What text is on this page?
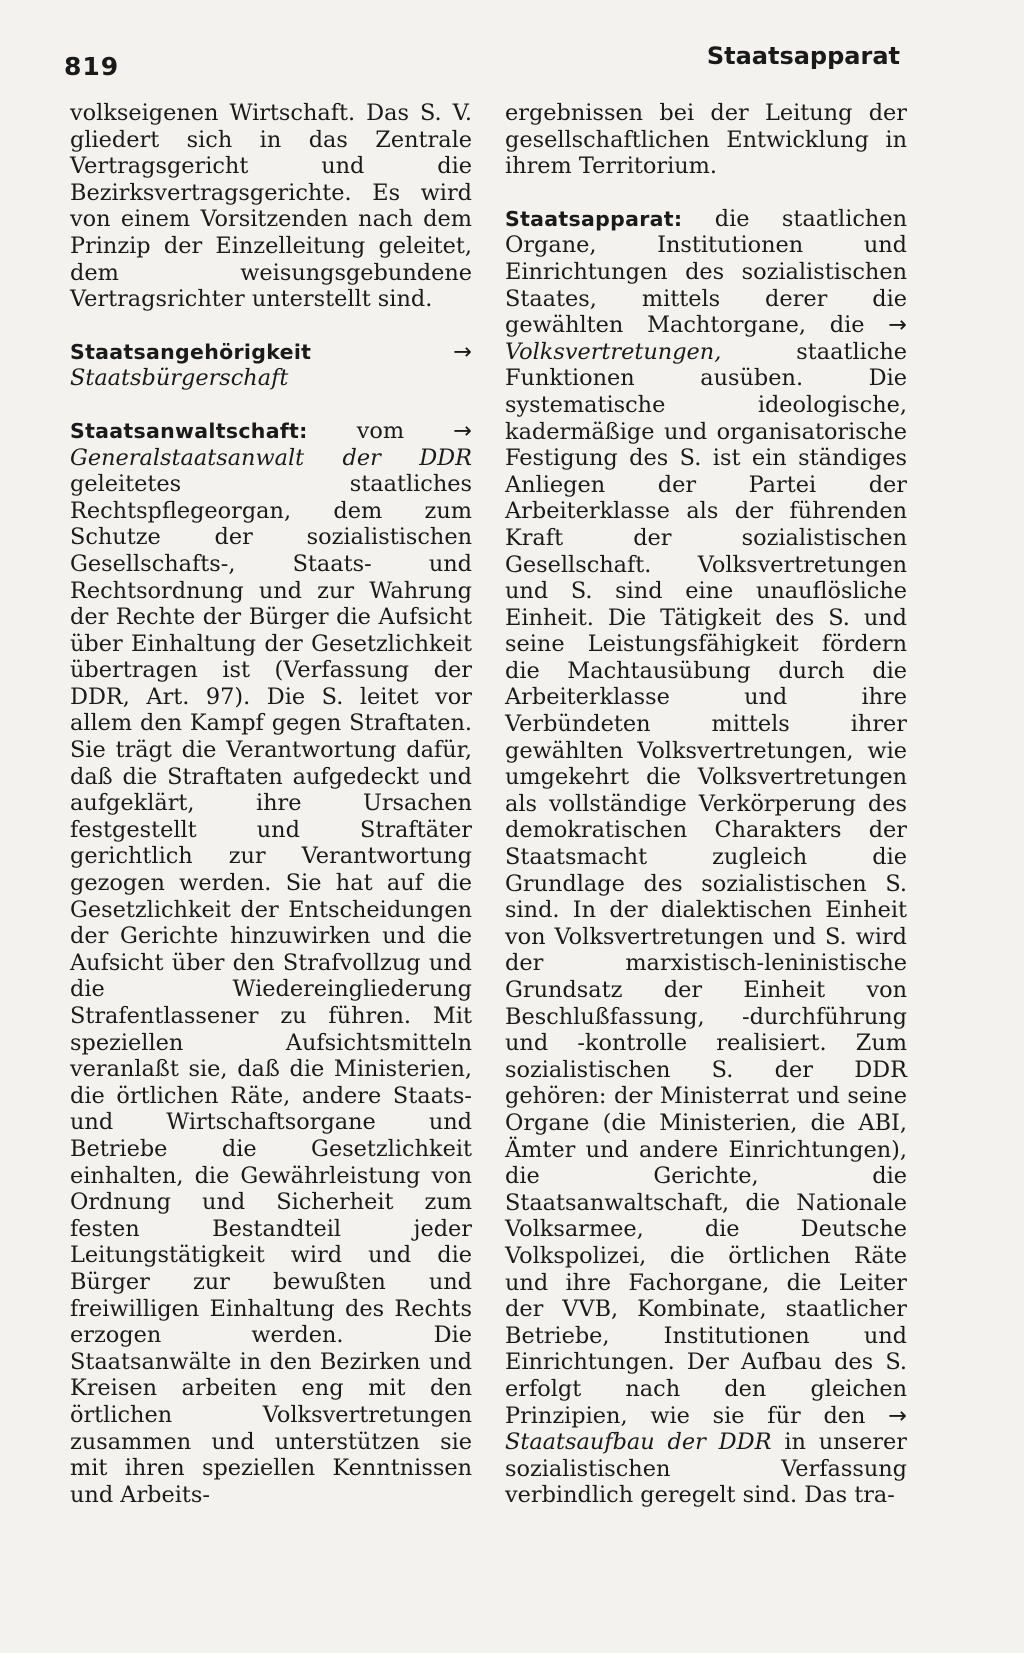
819	Staatsapparat

volkseigenen Wirtschaft. Das S. V. gliedert sich in das Zentrale Vertragsgericht und die Bezirksvertragsgerichte. Es wird von einem Vorsitzenden nach dem Prinzip der Einzelleitung geleitet, dem weisungsgebundene Vertragsrichter unterstellt sind.

Staatsangehörigkeit	→ Staatsbürgerschaft

Staatsanwaltschaft: vom → Generalstaatsanwalt der DDR geleitetes staatliches Rechtspflegeorgan, dem zum Schutze der sozialistischen Gesellschafts-, Staats- und Rechtsordnung und zur Wahrung der Rechte der Bürger die Aufsicht über Einhaltung der Gesetzlichkeit übertragen ist (Verfassung der DDR, Art. 97). Die S. leitet vor allem den Kampf gegen Straftaten. Sie trägt die Verantwortung dafür, daß die Straftaten aufgedeckt und aufgeklärt, ihre Ursachen festgestellt und Straftäter gerichtlich zur Verantwortung gezogen werden. Sie hat auf die Gesetzlichkeit der Entscheidungen der Gerichte hinzuwirken und die Aufsicht über den Strafvollzug und die Wiedereingliederung Strafentlassener zu führen. Mit speziellen Aufsichtsmitteln veranlaßt sie, daß die Ministerien, die örtlichen Räte, andere Staats- und Wirtschaftsorgane und Betriebe die Gesetzlichkeit einhalten, die Gewährleistung von Ordnung und Sicherheit zum festen Bestandteil jeder Leitungstätigkeit wird und die Bürger zur bewußten und freiwilligen Einhaltung des Rechts erzogen werden. Die Staatsanwälte in den Bezirken und Kreisen arbeiten eng mit den örtlichen Volksvertretungen zusammen und unterstützen sie mit ihren speziellen Kenntnissen und Arbeits-

ergebnissen bei der Leitung der gesellschaftlichen Entwicklung in ihrem Territorium.

Staatsapparat: die staatlichen Organe, Institutionen und Einrichtungen des sozialistischen Staates, mittels derer die gewählten Machtorgane, die → Volksvertretungen,	staatliche Funktionen ausüben. Die systematische ideologische, kadermäßige und organisatorische Festigung des S. ist ein ständiges Anliegen der Partei der Arbeiterklasse als der führenden Kraft der sozialistischen Gesellschaft. Volksvertretungen und S. sind eine unauflösliche Einheit. Die Tätigkeit des S. und seine Leistungsfähigkeit fördern die Machtausübung durch die Arbeiterklasse und ihre Verbündeten mittels ihrer gewählten Volksvertretungen, wie umgekehrt die Volksvertretungen als vollständige Verkörperung des demokratischen Charakters der Staatsmacht zugleich die Grundlage des sozialistischen S. sind. In der dialektischen Einheit von Volksvertretungen und S. wird der marxistisch-leninistische Grundsatz der Einheit von Beschlußfassung, -durchführung und -kontrolle realisiert. Zum sozialistischen S. der DDR gehören: der Ministerrat und seine Organe (die Ministerien, die ABI, Ämter und andere Einrichtungen), die Gerichte, die Staatsanwaltschaft, die Nationale Volksarmee, die Deutsche Volkspolizei, die örtlichen Räte und ihre Fachorgane, die Leiter der VVB, Kombinate, staatlicher Betriebe, Institutionen und Einrichtungen. Der Aufbau des S. erfolgt nach den gleichen Prinzipien, wie sie für den → Staatsaufbau der DDR in unserer sozialistischen Verfassung verbindlich geregelt sind. Das tra-
